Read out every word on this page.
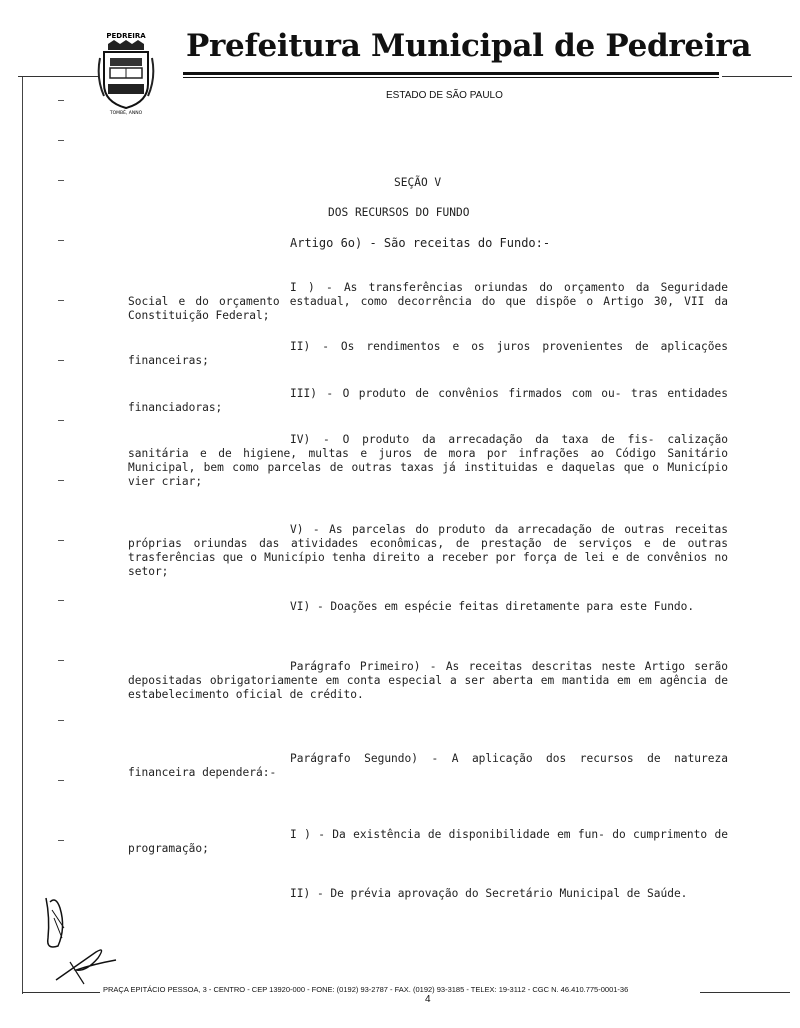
PEDREIRA
TOMBÉ, ANNO
Prefeitura Municipal de Pedreira
ESTADO DE SÃO PAULO
SEÇÃO V
DOS RECURSOS DO FUNDO
Artigo 6o) - São receitas do Fundo:-
I ) - As transferências oriundas do orçamento da Seguridade Social e do orçamento estadual, como decorrência do que dispõe o Artigo 30, VII da Constituição Federal;
II) - Os rendimentos e os juros provenientes de aplicações financeiras;
III) - O produto de convênios firmados com ou- tras entidades financiadoras;
IV) - O produto da arrecadação da taxa de fis- calização sanitária e de higiene, multas e juros de mora por infrações ao Código Sanitário Municipal, bem como parcelas de outras taxas já instituidas e daquelas que o Município vier criar;
V) - As parcelas do produto da arrecadação de outras receitas próprias oriundas das atividades econômicas, de prestação de serviços e de outras trasferências que o Município tenha direito a receber por força de lei e de convênios no setor;
VI) - Doações em espécie feitas diretamente para este Fundo.
Parágrafo Primeiro) - As receitas descritas neste Artigo serão depositadas obrigatoriamente em conta especial a ser aberta em mantida em em agência de estabelecimento oficial de crédito.
Parágrafo Segundo) - A aplicação dos recursos de natureza financeira dependerá:-
I ) - Da existência de disponibilidade em fun- do cumprimento de programação;
II) - De prévia aprovação do Secretário Municipal de Saúde.
PRAÇA EPITÁCIO PESSOA, 3 - CENTRO - CEP 13920-000 - FONE: (0192) 93-2787 - FAX. (0192) 93-3185 - TELEX: 19-3112 - CGC N. 46.410.775-0001-36
4
